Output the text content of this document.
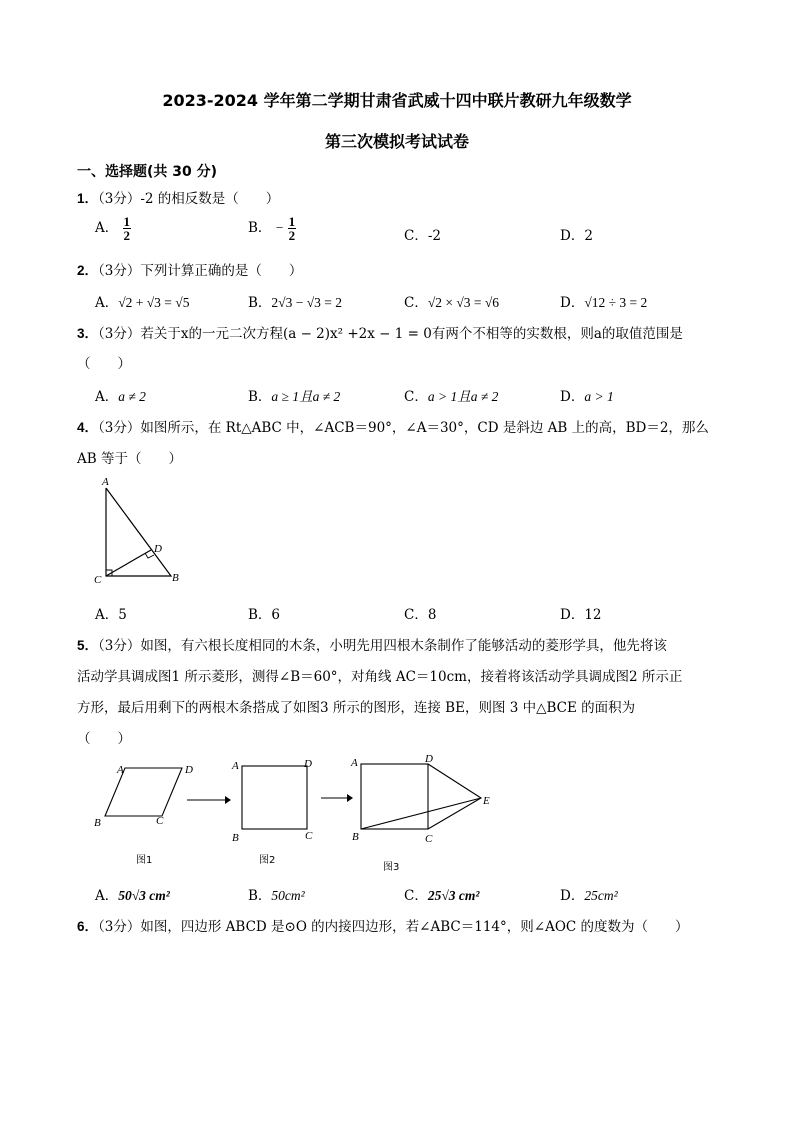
2023-2024 学年第二学期甘肃省武威十四中联片教研九年级数学
第三次模拟考试试卷
一、选择题(共 30 分)
1．（3分）-2 的相反数是（　　）
A． $\frac{1}{2}$	B． − $\frac{1}{2}$	C．-2	D．2
2．（3分）下列计算正确的是（　　）
A．√2 + √3 = √5	B．2√3 − √3 = 2	C．√2 × √3 = √6	D．√12 ÷ 3 = 2
3．（3分）若关于x的一元二次方程(a − 2)x² +2x − 1 = 0有两个不相等的实数根，则a的取值范围是
（　　）
A．a ≠ 2	B．a ≥ 1且a ≠ 2	C．a > 1且a ≠ 2	D．a > 1
4．（3分）如图所示，在 Rt△ABC 中，∠ACB＝90°，∠A＝30°，CD 是斜边 AB 上的高，BD＝2，那么
AB 等于（　　）
A
D
C	B
A．5	B．6	C．8	D．12
5．（3分）如图，有六根长度相同的木条，小明先用四根木条制作了能够活动的菱形学具，他先将该
活动学具调成图1 所示菱形，测得∠B＝60°，对角线 AC＝10cm，接着将该活动学具调成图2 所示正
方形，最后用剩下的两根木条搭成了如图3 所示的图形，连接 BE，则图 3 中△BCE 的面积为
（　　）
A	D
B	C
图1
A	D
B	C
图2
A	D
B	C
E
图3
A．50√3 cm²	B．50cm²	C．25√3 cm²	D．25cm²
6．（3分）如图，四边形 ABCD 是⊙O 的内接四边形，若∠ABC＝114°，则∠AOC 的度数为（　　）
